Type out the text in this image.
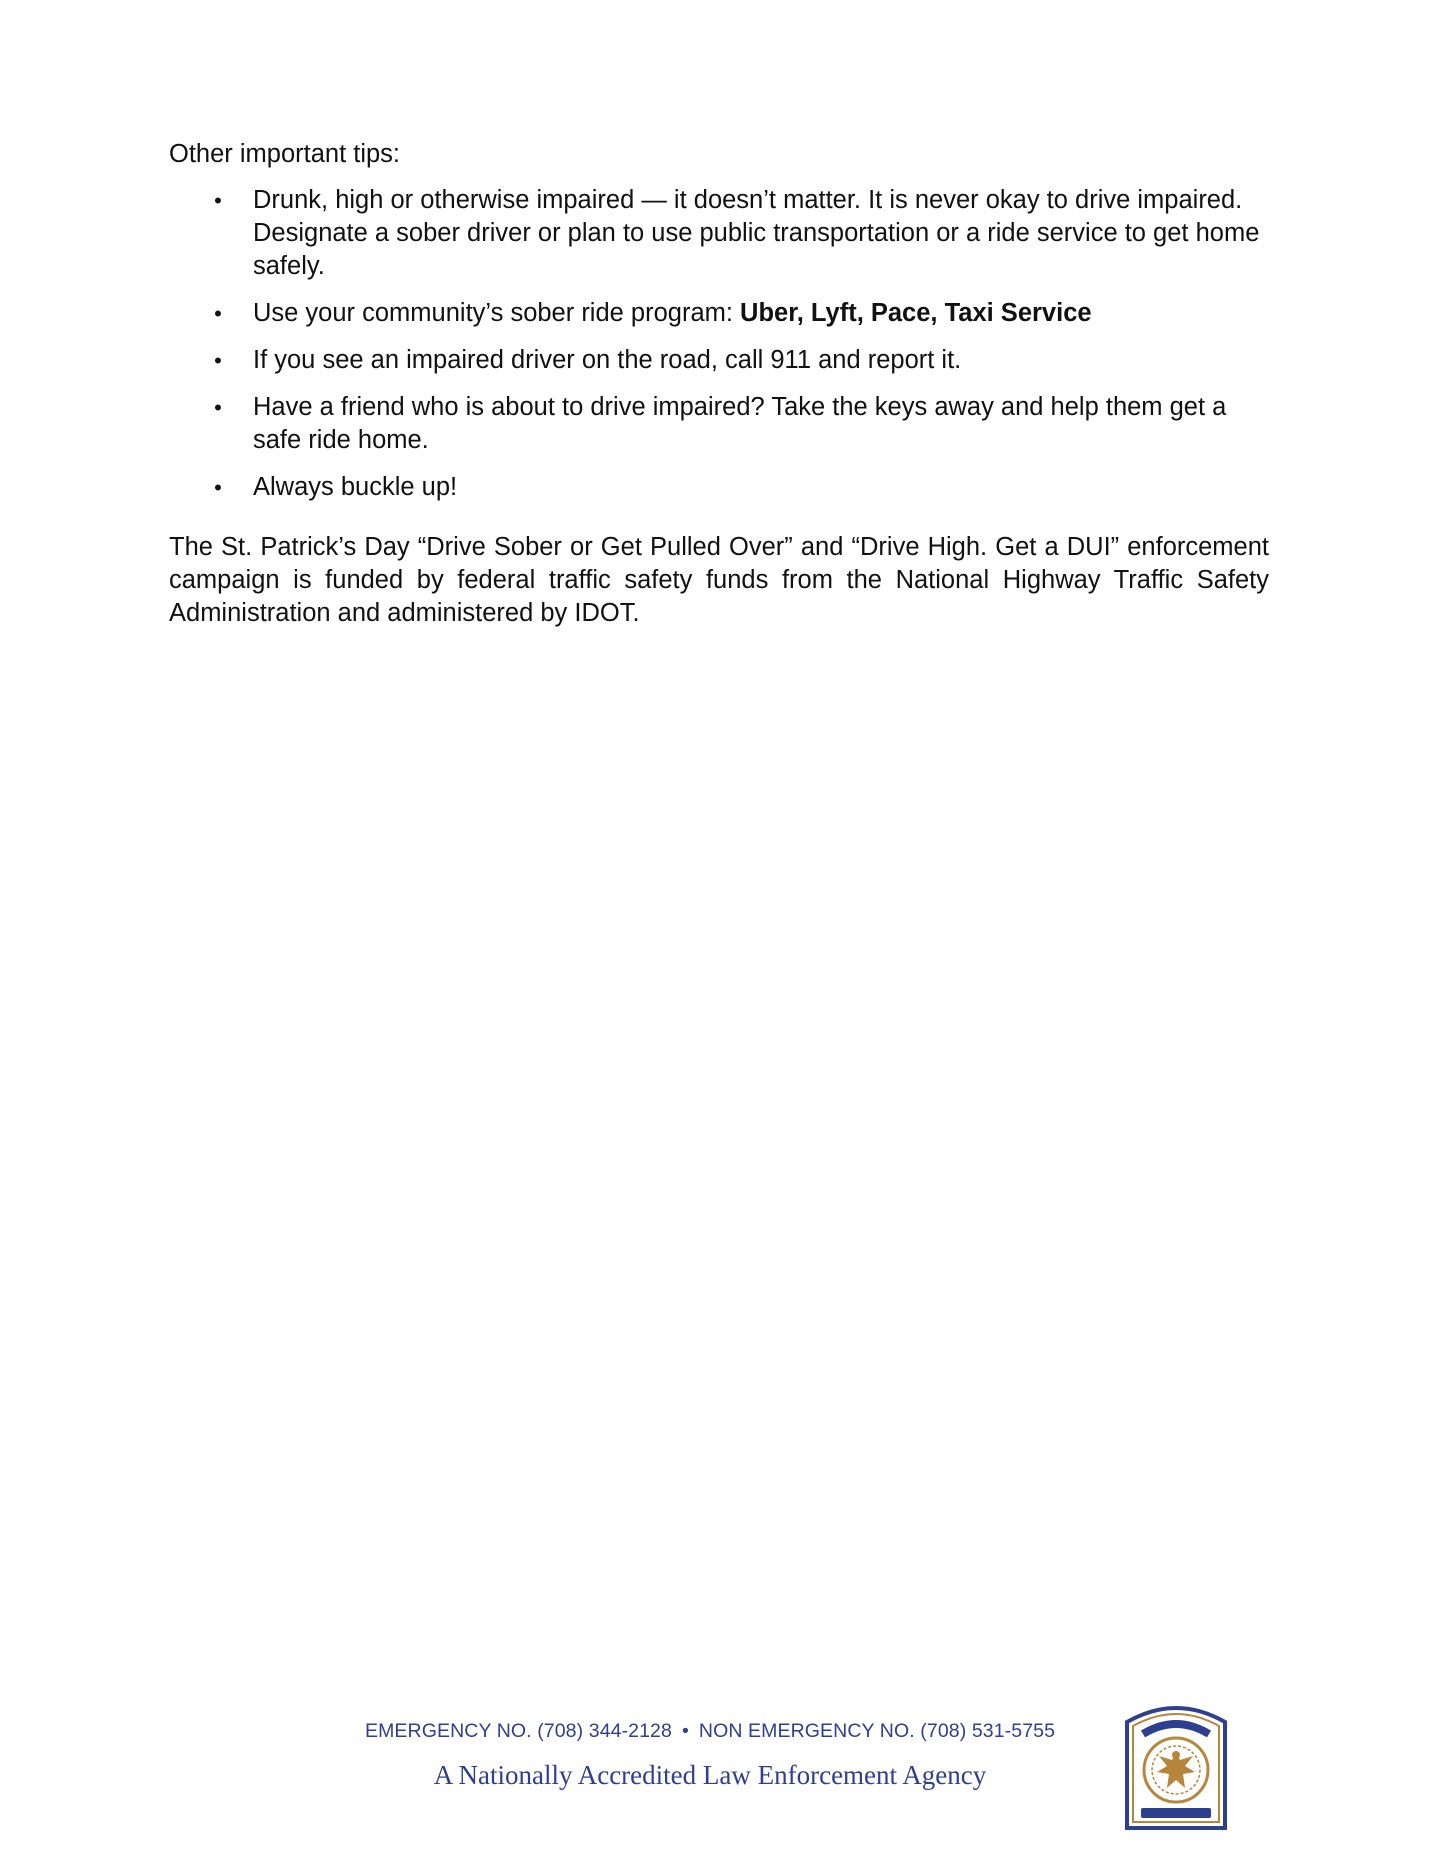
Other important tips:

• Drunk, high or otherwise impaired — it doesn’t matter. It is never okay to drive impaired. Designate a sober driver or plan to use public transportation or a ride service to get home safely.
• Use your community’s sober ride program: Uber, Lyft, Pace, Taxi Service
• If you see an impaired driver on the road, call 911 and report it.
• Have a friend who is about to drive impaired? Take the keys away and help them get a safe ride home.
• Always buckle up!

The St. Patrick’s Day “Drive Sober or Get Pulled Over” and “Drive High. Get a DUI” enforcement campaign is funded by federal traffic safety funds from the National Highway Traffic Safety Administration and administered by IDOT.

EMERGENCY NO. (708) 344-2128 • NON EMERGENCY NO. (708) 531-5755
A Nationally Accredited Law Enforcement Agency
